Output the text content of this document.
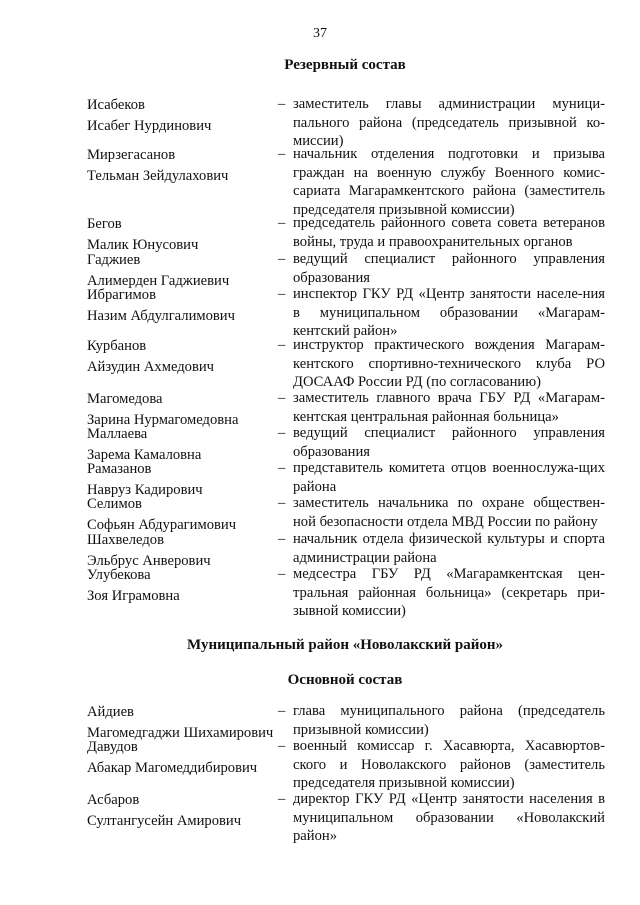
37
Резервный состав
Исабеков
Исабег Нурдинович
– заместитель главы администрации муници-пального района (председатель призывной ко-миссии)
Мирзегасанов
Тельман Зейдулахович
– начальник отделения подготовки и призыва граждан на военную службу Военного комис-сариата Магарамкентского района (заместитель председателя призывной комиссии)
Бегов
Малик Юнусович
– председатель районного совета совета ветеранов войны, труда и правоохранительных органов
Гаджиев
Алимерден Гаджиевич
– ведущий специалист районного управления образования
Ибрагимов
Назим Абдулгалимович
– инспектор ГКУ РД «Центр занятости населе-ния в муниципальном образовании «Магарам-кентский район»
Курбанов
Айзудин Ахмедович
– инструктор практического вождения Магарам-кентского спортивно-технического клуба РО ДОСААФ России РД (по согласованию)
Магомедова
Зарина Нурмагомедовна
– заместитель главного врача ГБУ РД «Магарам-кентская центральная районная больница»
Маллаева
Зарема Камаловна
– ведущий специалист районного управления образования
Рамазанов
Навруз Кадирович
– представитель комитета отцов военнослужа-щих района
Селимов
Софьян Абдурагимович
– заместитель начальника по охране обществен-ной безопасности отдела МВД России по району
Шахвеледов
Эльбрус Анверович
– начальник отдела физической культуры и спорта администрации района
Улубекова
Зоя Играмовна
– медсестра ГБУ РД «Магарамкентская цен-тральная районная больница» (секретарь при-зывной комиссии)
Муниципальный район «Новолакский район»
Основной состав
Айдиев
Магомедгаджи Шихамирович
– глава муниципального района (председатель призывной комиссии)
Давудов
Абакар Магомеддибирович
– военный комиссар г. Хасавюрта, Хасавюртов-ского и Новолакского районов (заместитель председателя призывной комиссии)
Асбаров
Султангусейн Амирович
– директор ГКУ РД «Центр занятости населения в муниципальном образовании «Новолакский район»
